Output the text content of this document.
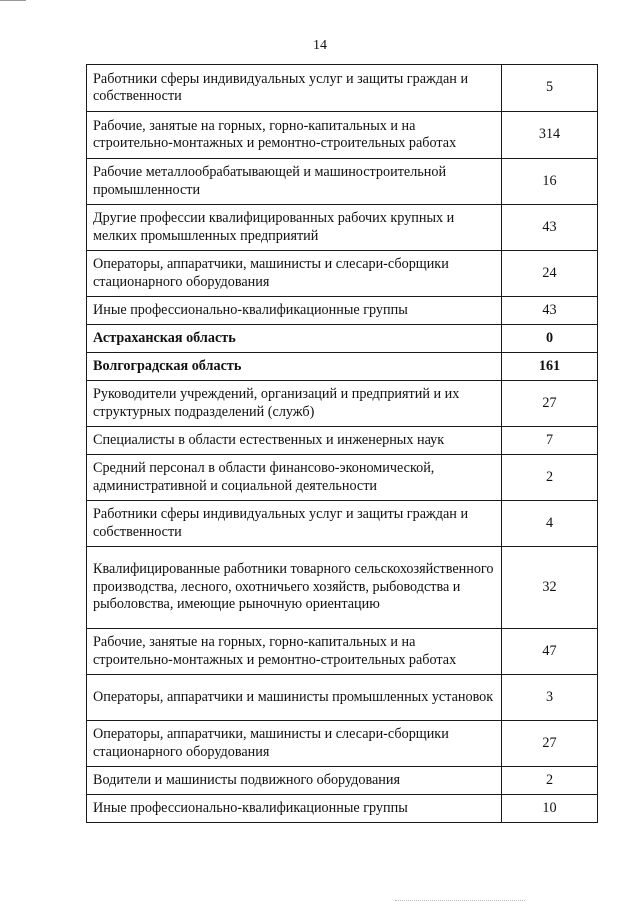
14
Работники сферы индивидуальных услуг и защиты граждан и собственности	5
Рабочие, занятые на горных, горно-капитальных и на строительно-монтажных и ремонтно-строительных работах	314
Рабочие металлообрабатывающей и машиностроительной промышленности	16
Другие профессии квалифицированных рабочих крупных и мелких промышленных предприятий	43
Операторы, аппаратчики, машинисты и слесари-сборщики стационарного оборудования	24
Иные профессионально-квалификационные группы	43
Астраханская область	0
Волгоградская область	161
Руководители учреждений, организаций и предприятий и их структурных подразделений (служб)	27
Специалисты в области естественных и инженерных наук	7
Средний персонал в области финансово-экономической, административной и социальной деятельности	2
Работники сферы индивидуальных услуг и защиты граждан и собственности	4
Квалифицированные работники товарного сельскохозяйственного производства, лесного, охотничьего хозяйств, рыбоводства и рыболовства, имеющие рыночную ориентацию	32
Рабочие, занятые на горных, горно-капитальных и на строительно-монтажных и ремонтно-строительных работах	47
Операторы, аппаратчики и машинисты промышленных установок	3
Операторы, аппаратчики, машинисты и слесари-сборщики стационарного оборудования	27
Водители и машинисты подвижного оборудования	2
Иные профессионально-квалификационные группы	10
